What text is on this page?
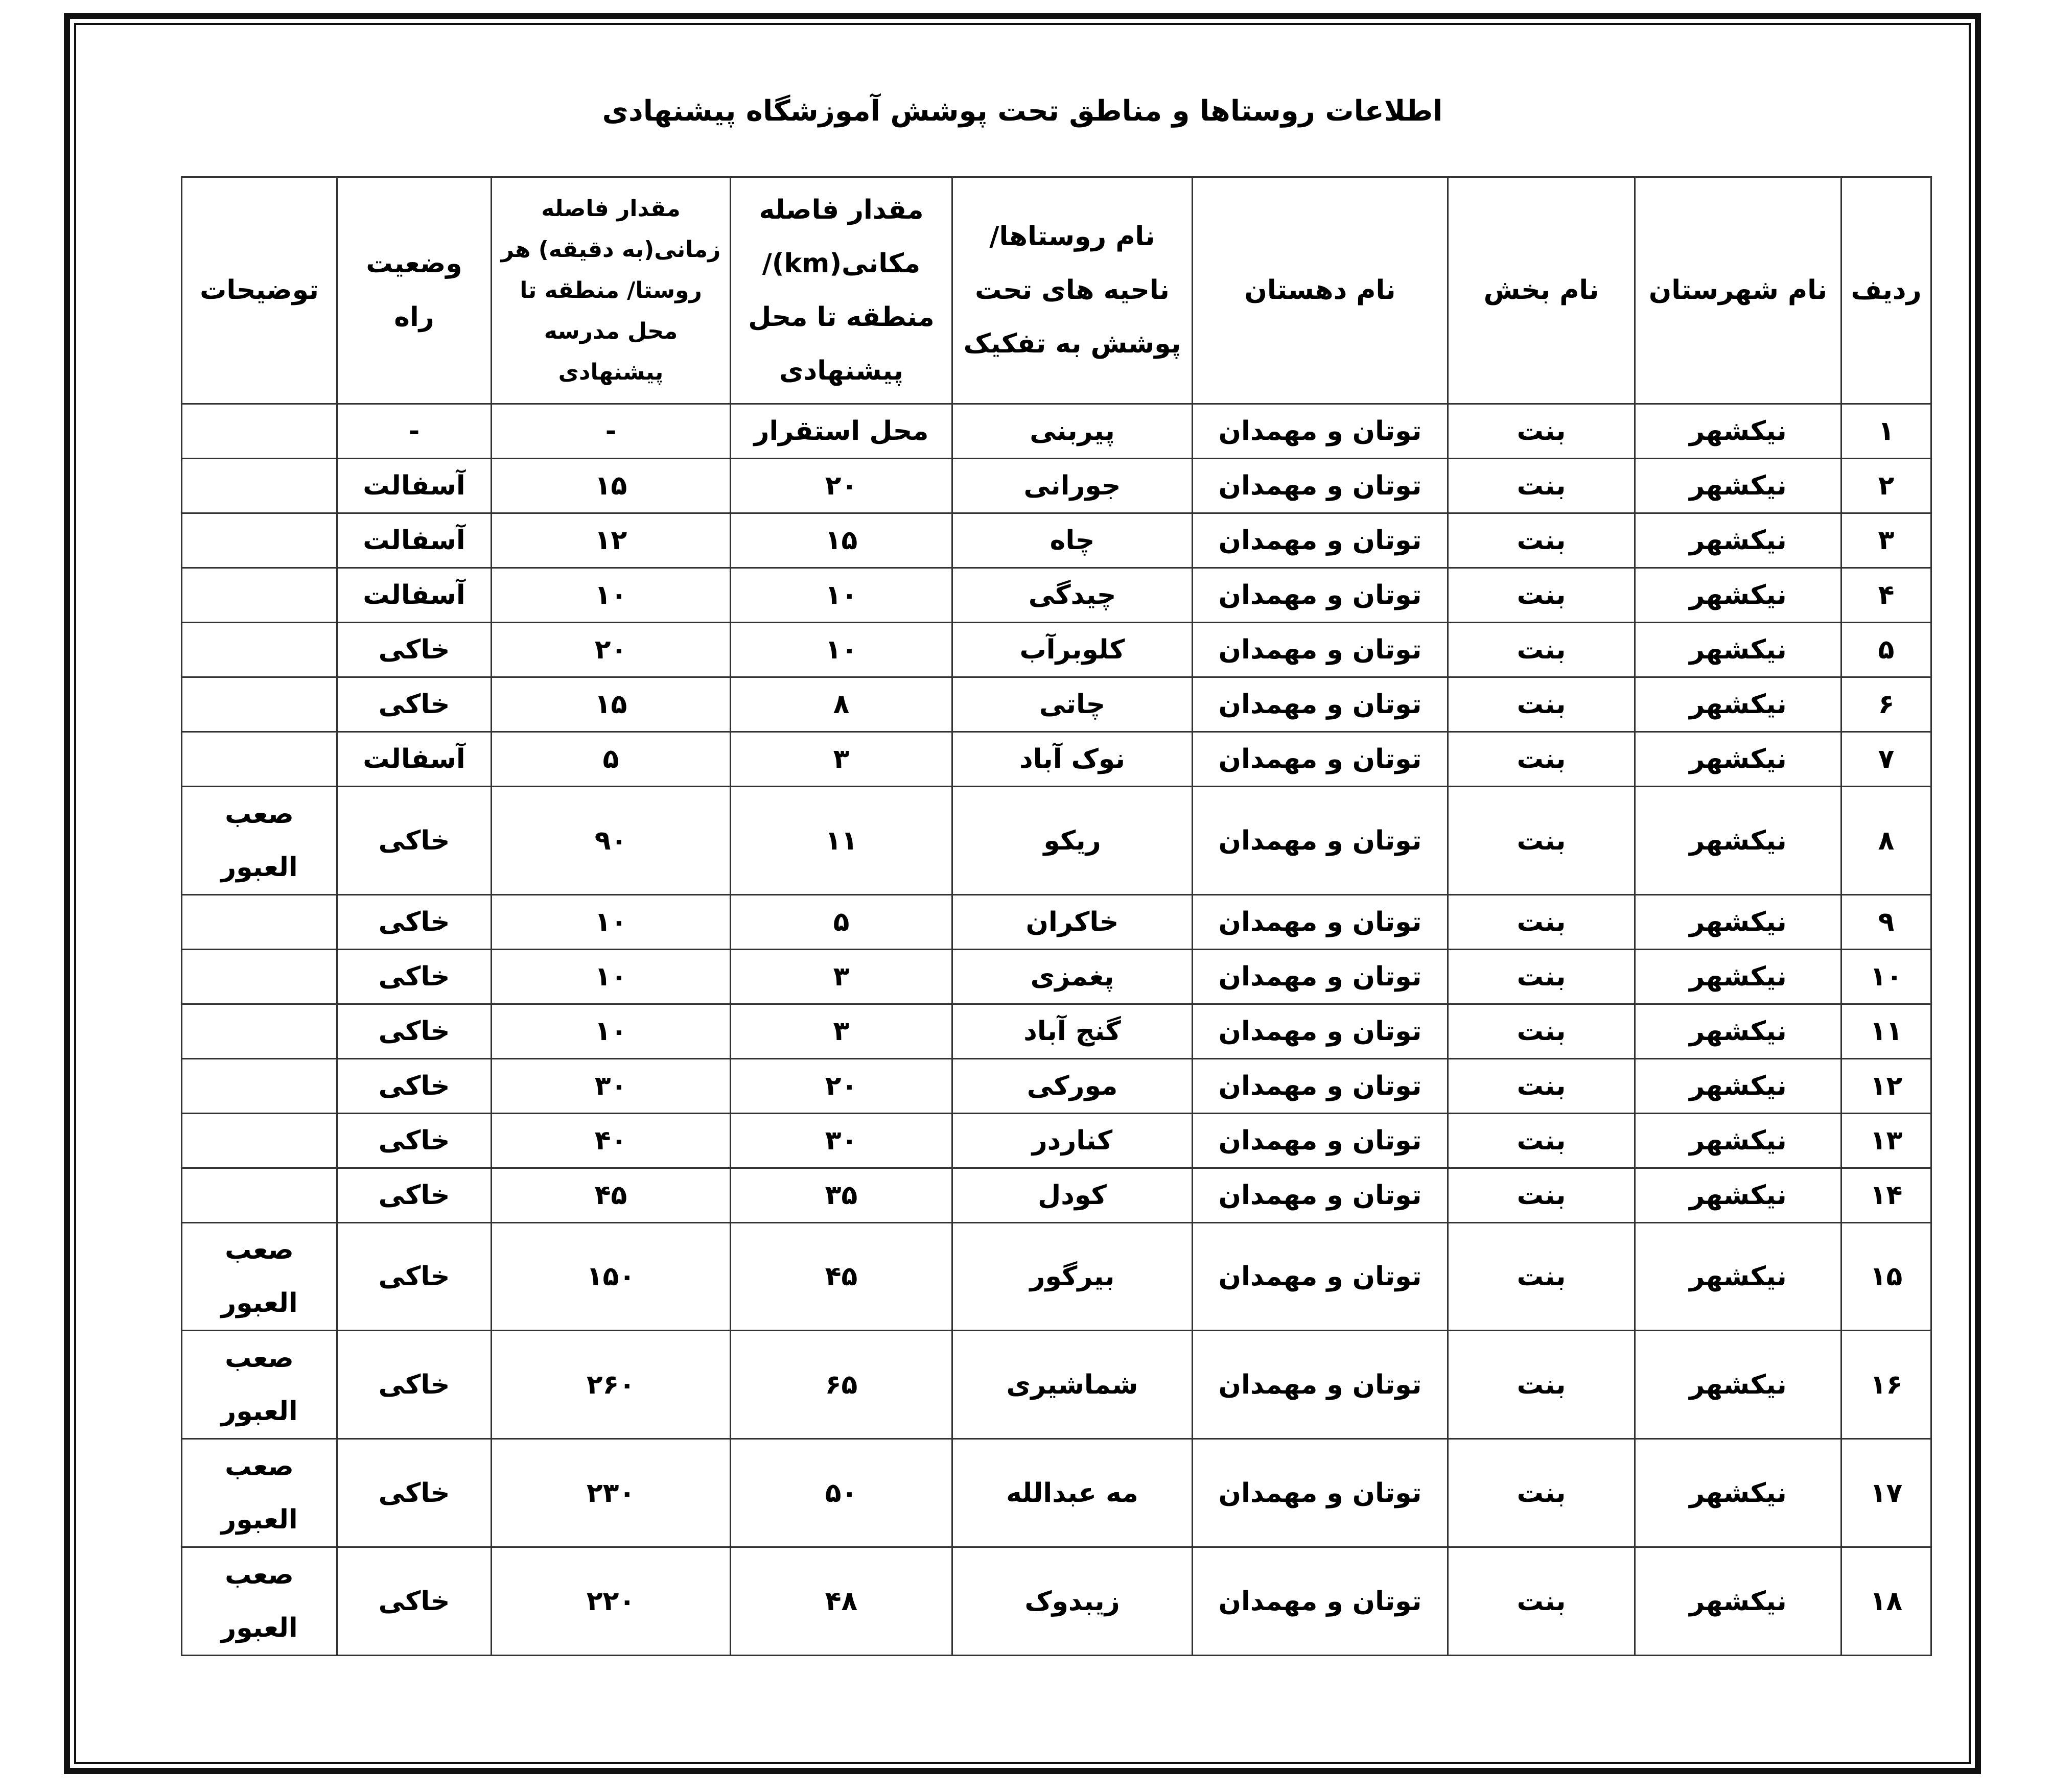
اطلاعات روستاها و مناطق تحت پوشش آموزشگاه پیشنهادی
ردیف	نام شهرستان	نام بخش	نام دهستان	نام روستاها/ناحیه های تحت پوشش به تفکیک	مقدار فاصله مکانی(km)/ منطقه تا محل پیشنهادی	مقدار فاصله زمانی(به دقیقه) هر روستا/ منطقه تا محل مدرسه پیشنهادی	وضعیت راه	توضیحات
۱	نیکشهر	بنت	توتان و مهمدان	پیربنی	محل استقرار	-	-	
۲	نیکشهر	بنت	توتان و مهمدان	جورانی	۲۰	۱۵	آسفالت	
۳	نیکشهر	بنت	توتان و مهمدان	چاه	۱۵	۱۲	آسفالت	
۴	نیکشهر	بنت	توتان و مهمدان	چیدگی	۱۰	۱۰	آسفالت	
۵	نیکشهر	بنت	توتان و مهمدان	کلوبرآب	۱۰	۲۰	خاکی	
۶	نیکشهر	بنت	توتان و مهمدان	چاتی	۸	۱۵	خاکی	
۷	نیکشهر	بنت	توتان و مهمدان	نوک آباد	۳	۵	آسفالت	
۸	نیکشهر	بنت	توتان و مهمدان	ریکو	۱۱	۹۰	خاکی	صعب العبور
۹	نیکشهر	بنت	توتان و مهمدان	خاکران	۵	۱۰	خاکی	
۱۰	نیکشهر	بنت	توتان و مهمدان	پغمزی	۳	۱۰	خاکی	
۱۱	نیکشهر	بنت	توتان و مهمدان	گنج آباد	۳	۱۰	خاکی	
۱۲	نیکشهر	بنت	توتان و مهمدان	مورکی	۲۰	۳۰	خاکی	
۱۳	نیکشهر	بنت	توتان و مهمدان	کناردر	۳۰	۴۰	خاکی	
۱۴	نیکشهر	بنت	توتان و مهمدان	کودل	۳۵	۴۵	خاکی	
۱۵	نیکشهر	بنت	توتان و مهمدان	بیرگور	۴۵	۱۵۰	خاکی	صعب العبور
۱۶	نیکشهر	بنت	توتان و مهمدان	شماشیری	۶۵	۲۶۰	خاکی	صعب العبور
۱۷	نیکشهر	بنت	توتان و مهمدان	مه عبدالله	۵۰	۲۳۰	خاکی	صعب العبور
۱۸	نیکشهر	بنت	توتان و مهمدان	زیبدوک	۴۸	۲۲۰	خاکی	صعب العبور
